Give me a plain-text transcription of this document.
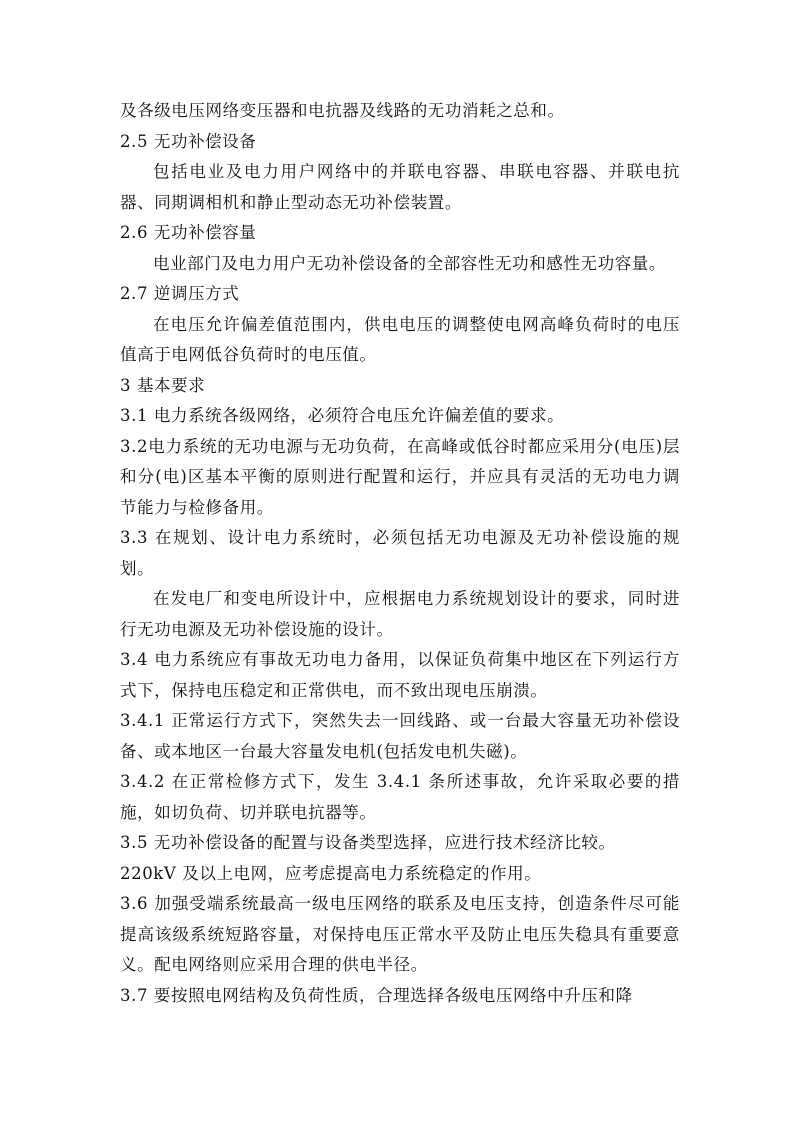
及各级电压网络变压器和电抗器及线路的无功消耗之总和。

2.5 无功补偿设备

包括电业及电力用户网络中的并联电容器、串联电容器、并联电抗器、同期调相机和静止型动态无功补偿装置。

2.6 无功补偿容量

电业部门及电力用户无功补偿设备的全部容性无功和感性无功容量。

2.7 逆调压方式

在电压允许偏差值范围内，供电电压的调整使电网高峰负荷时的电压值高于电网低谷负荷时的电压值。

3 基本要求

3.1 电力系统各级网络，必须符合电压允许偏差值的要求。

3.2电力系统的无功电源与无功负荷，在高峰或低谷时都应采用分(电压)层和分(电)区基本平衡的原则进行配置和运行，并应具有灵活的无功电力调节能力与检修备用。

3.3 在规划、设计电力系统时，必须包括无功电源及无功补偿设施的规划。

在发电厂和变电所设计中，应根据电力系统规划设计的要求，同时进行无功电源及无功补偿设施的设计。

3.4 电力系统应有事故无功电力备用，以保证负荷集中地区在下列运行方式下，保持电压稳定和正常供电，而不致出现电压崩溃。

3.4.1 正常运行方式下，突然失去一回线路、或一台最大容量无功补偿设备、或本地区一台最大容量发电机(包括发电机失磁)。

3.4.2 在正常检修方式下，发生 3.4.1 条所述事故，允许采取必要的措施，如切负荷、切并联电抗器等。

3.5 无功补偿设备的配置与设备类型选择，应进行技术经济比较。

220kV 及以上电网，应考虑提高电力系统稳定的作用。

3.6 加强受端系统最高一级电压网络的联系及电压支持，创造条件尽可能提高该级系统短路容量，对保持电压正常水平及防止电压失稳具有重要意义。配电网络则应采用合理的供电半径。

3.7 要按照电网结构及负荷性质，合理选择各级电压网络中升压和降
